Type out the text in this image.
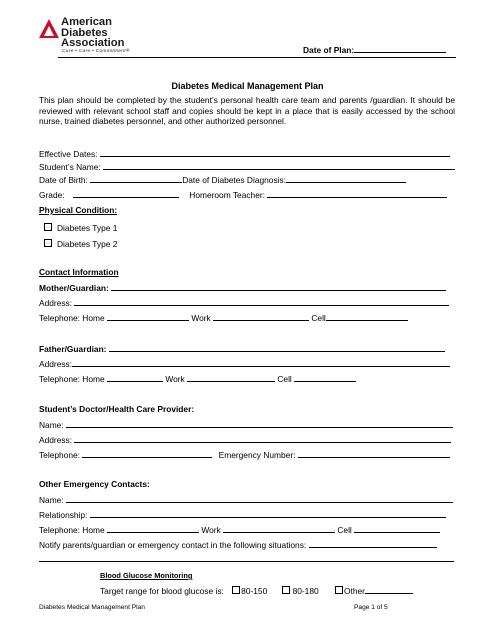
American
Diabetes
Association
Cure • Care • Commitment®	Date of Plan:
Diabetes Medical Management Plan
This plan should be completed by the student’s personal health care team and parents /guardian. It should be reviewed with relevant school staff and copies should be kept in a place that is easily accessed by the school nurse, trained diabetes personnel, and other authorized personnel.
Effective Dates:
Student’s Name:
Date of Birth:	Date of Diabetes Diagnosis:
Grade:	Homeroom Teacher:
Physical Condition:
Diabetes Type 1
Diabetes Type 2
Contact Information
Mother/Guardian:
Address:
Telephone: Home	Work	Cell
Father/Guardian:
Address:
Telephone: Home	Work	Cell
Student’s Doctor/Health Care Provider:
Name:
Address:
Telephone:	Emergency Number:
Other Emergency Contacts:
Name:
Relationship:
Telephone: Home	Work	Cell
Notify parents/guardian or emergency contact in the following situations:
Blood Glucose Monitoring
Target range for blood glucose is: 80-150	80-180	Other
Diabetes Medical Management Plan	Page 1 of 5
